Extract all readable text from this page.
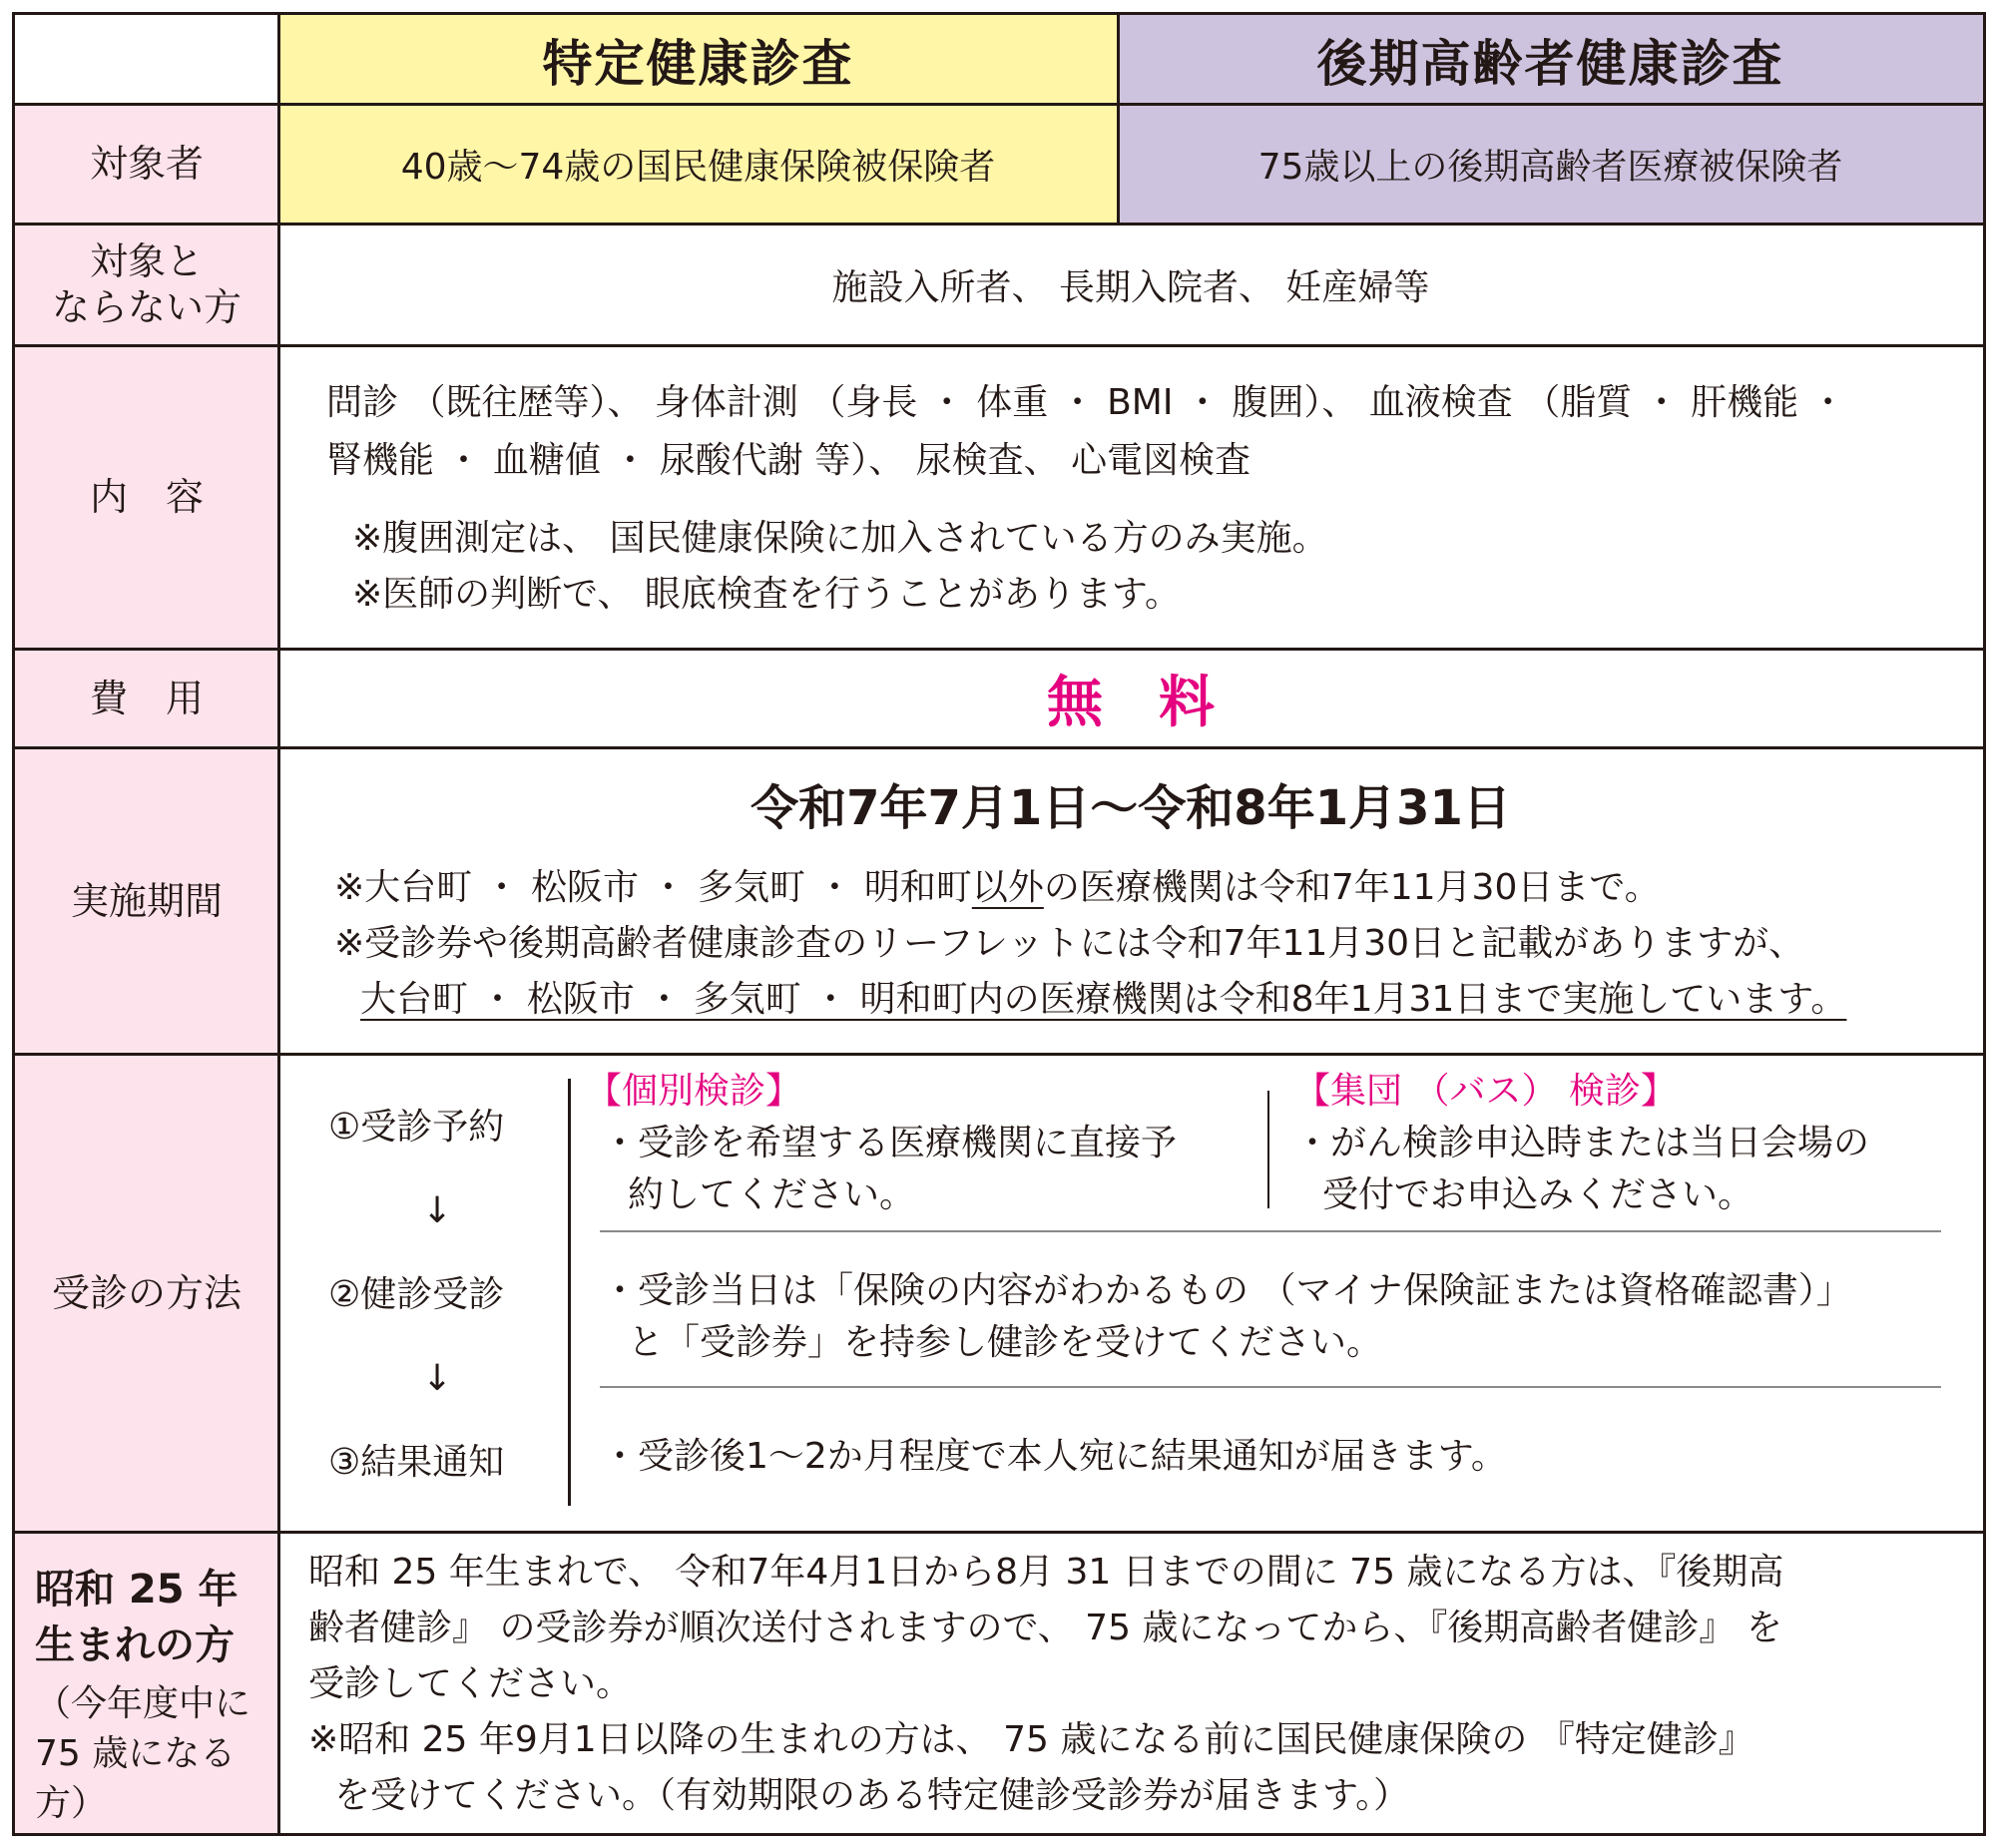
特定健康診査	後期高齢者健康診査
対象者
対象と
ならない方
内　容
費　用
実施期間
受診の方法
昭和 25 年
生まれの方
（今年度中に
75 歳になる
方）
40歳～74歳の国民健康保険被保険者	75歳以上の後期高齢者医療被保険者
施設入所者、 長期入院者、 妊産婦等
問診 （既往歴等）、 身体計測 （身長 ・ 体重 ・ BMI ・ 腹囲）、 血液検査 （脂質 ・ 肝機能 ・
腎機能 ・ 血糖値 ・ 尿酸代謝 等）、 尿検査、 心電図検査
※腹囲測定は、 国民健康保険に加入されている方のみ実施。
※医師の判断で、 眼底検査を行うことがあります。
無　料
令和7年7月1日～令和8年1月31日
※大台町 ・ 松阪市 ・ 多気町 ・ 明和町以外の医療機関は令和7年11月30日まで。
※受診券や後期高齢者健康診査のリーフレットには令和7年11月30日と記載がありますが、
大台町 ・ 松阪市 ・ 多気町 ・ 明和町内の医療機関は令和8年1月31日まで実施しています。
①受診予約
↓
②健診受診
↓
③結果通知
【個別検診】
・受診を希望する医療機関に直接予
約してください。
【集団 （バス） 検診】
・がん検診申込時または当日会場の
受付でお申込みください。
・受診当日は「保険の内容がわかるもの （マイナ保険証または資格確認書）」
と「受診券」を持参し健診を受けてください。
・受診後1～2か月程度で本人宛に結果通知が届きます。
昭和 25 年生まれで、 令和7年4月1日から8月 31 日までの間に 75 歳になる方は、『後期高
齢者健診』 の受診券が順次送付されますので、 75 歳になってから、『後期高齢者健診』 を
受診してください。
※昭和 25 年9月1日以降の生まれの方は、 75 歳になる前に国民健康保険の 『特定健診』
を受けてください。（有効期限のある特定健診受診券が届きます。）
